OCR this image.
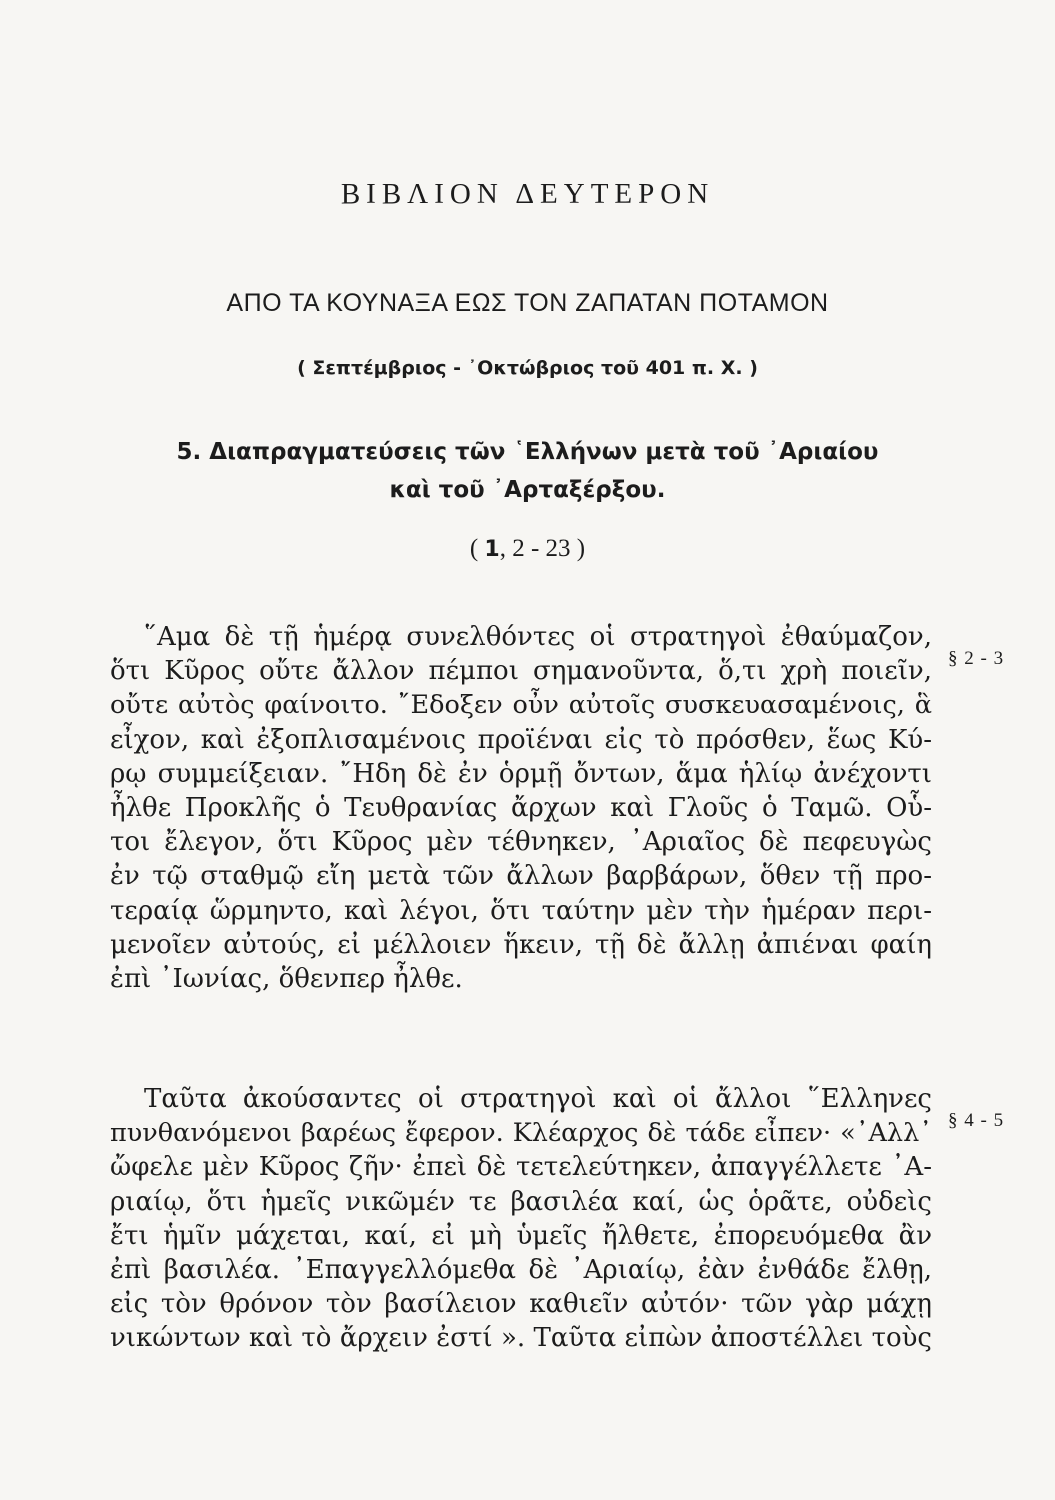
ΒΙΒΛΙΟΝ ΔΕΥΤΕΡΟΝ
ΑΠΟ ΤΑ ΚΟΥΝΑΞΑ ΕΩΣ ΤΟΝ ΖΑΠΑΤΑΝ ΠΟΤΑΜΟΝ
( Σεπτέμβριος - ᾿Οκτώβριος τοῦ 401 π. Χ. )
5. Διαπραγματεύσεις τῶν ῾Ελλήνων μετὰ τοῦ ᾿Αριαίου
καὶ τοῦ ᾿Αρταξέρξου.
( 1, 2 - 23 )
῞Αμα δὲ τῇ ἡμέρᾳ συνελθόντες οἱ στρατηγοὶ ἐθαύμαζον,
ὅτι Κῦρος οὔτε ἄλλον πέμποι σημανοῦντα, ὅ,τι χρὴ ποιεῖν,
οὔτε αὐτὸς φαίνοιτο. ῎Εδοξεν οὖν αὐτοῖς συσκευασαμένοις, ἃ
εἶχον, καὶ ἐξοπλισαμένοις προϊέναι εἰς τὸ πρόσθεν, ἕως Κύ-
ρῳ συμμείξειαν. ῎Ηδη δὲ ἐν ὁρμῇ ὄντων, ἅμα ἡλίῳ ἀνέχοντι
ἦλθε Προκλῆς ὁ Τευθρανίας ἄρχων καὶ Γλοῦς ὁ Ταμῶ. Οὗ-
τοι ἔλεγον, ὅτι Κῦρος μὲν τέθνηκεν, ᾿Αριαῖος δὲ πεφευγὼς
ἐν τῷ σταθμῷ εἴη μετὰ τῶν ἄλλων βαρβάρων, ὅθεν τῇ προ-
τεραίᾳ ὥρμηντο, καὶ λέγοι, ὅτι ταύτην μὲν τὴν ἡμέραν περι-
μενοῖεν αὐτούς, εἰ μέλλοιεν ἥκειν, τῇ δὲ ἄλλῃ ἀπιέναι φαίη
ἐπὶ ᾿Ιωνίας, ὅθενπερ ἦλθε.
Ταῦτα ἀκούσαντες οἱ στρατηγοὶ καὶ οἱ ἄλλοι ῞Ελληνες
πυνθανόμενοι βαρέως ἔφερον. Κλέαρχος δὲ τάδε εἶπεν· «᾿Αλλ᾿
ὤφελε μὲν Κῦρος ζῆν· ἐπεὶ δὲ τετελεύτηκεν, ἀπαγγέλλετε ᾿Α-
ριαίῳ, ὅτι ἡμεῖς νικῶμέν τε βασιλέα καί, ὡς ὁρᾶτε, οὐδεὶς
ἔτι ἡμῖν μάχεται, καί, εἰ μὴ ὑμεῖς ἤλθετε, ἐπορευόμεθα ἂν
ἐπὶ βασιλέα. ᾿Επαγγελλόμεθα δὲ ᾿Αριαίῳ, ἐὰν ἐνθάδε ἔλθῃ,
εἰς τὸν θρόνον τὸν βασίλειον καθιεῖν αὐτόν· τῶν γὰρ μάχῃ
νικώντων καὶ τὸ ἄρχειν ἐστί ». Ταῦτα εἰπὼν ἀποστέλλει τοὺς
§ 2 - 3
§ 4 - 5
